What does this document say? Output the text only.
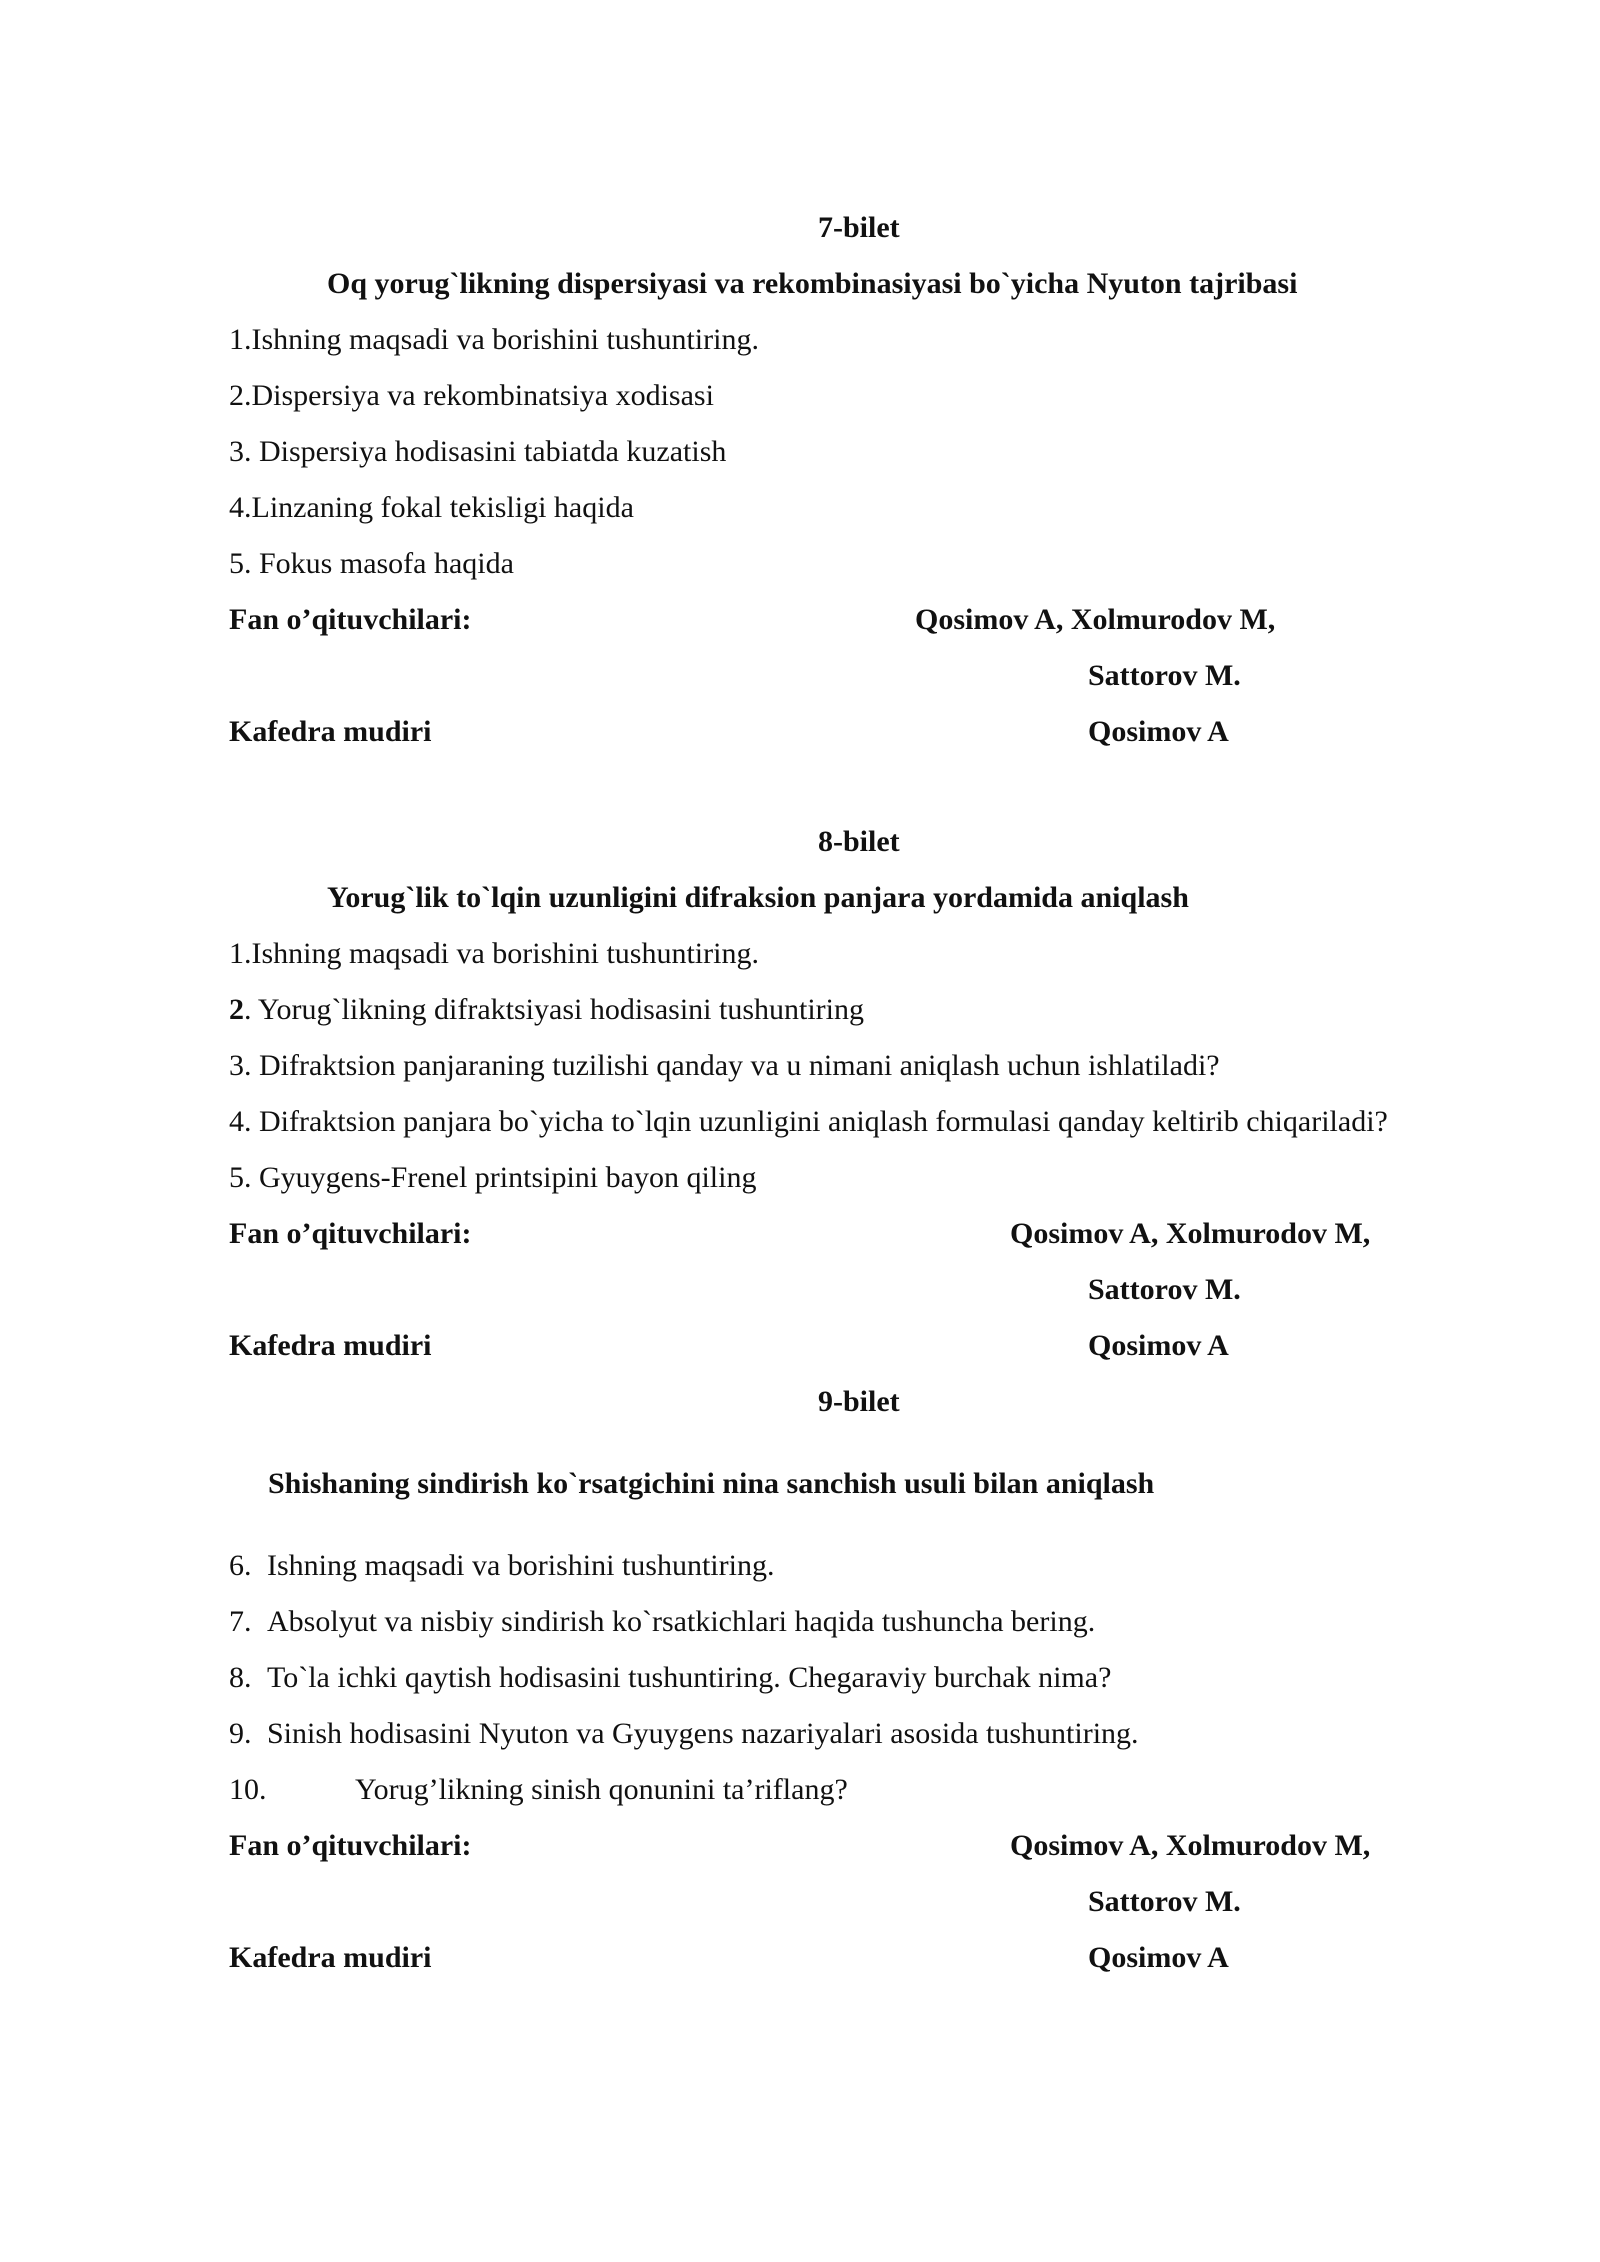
7-bilet
Oq yorug`likning dispersiyasi va rekombinasiyasi bo`yicha Nyuton tajribasi
1.Ishning maqsadi va borishini tushuntiring.
2.Dispersiya va rekombinatsiya xodisasi
3. Dispersiya hodisasini tabiatda kuzatish
4.Linzaning fokal tekisligi haqida
5. Fokus masofa haqida
Fan o’qituvchilari:	Qosimov A, Xolmurodov M,
Sattorov M.
Kafedra mudiri	Qosimov A
8-bilet
Yorug`lik to`lqin uzunligini difraksion panjara yordamida aniqlash
1.Ishning maqsadi va borishini tushuntiring.
2. Yorug`likning difraktsiyasi hodisasini tushuntiring
3. Difraktsion panjaraning tuzilishi qanday va u nimani aniqlash uchun ishlatiladi?
4. Difraktsion panjara bo`yicha to`lqin uzunligini aniqlash formulasi qanday keltirib chiqariladi?
5. Gyuygens-Frenel printsipini bayon qiling
Fan o’qituvchilari:	Qosimov A, Xolmurodov M,
Sattorov M.
Kafedra mudiri	Qosimov A
9-bilet
Shishaning sindirish ko`rsatgichini nina sanchish usuli bilan aniqlash
6. Ishning maqsadi va borishini tushuntiring.
7. Absolyut va nisbiy sindirish ko`rsatkichlari haqida tushuncha bering.
8. To`la ichki qaytish hodisasini tushuntiring. Chegaraviy burchak nima?
9. Sinish hodisasini Nyuton va Gyuygens nazariyalari asosida tushuntiring.
10.	Yorug’likning sinish qonunini ta’riflang?
Fan o’qituvchilari:	Qosimov A, Xolmurodov M,
Sattorov M.
Kafedra mudiri	Qosimov A
